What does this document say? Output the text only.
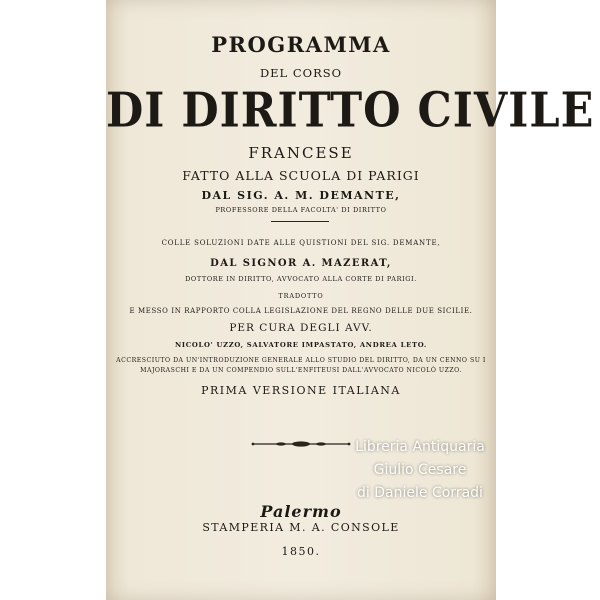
PROGRAMMA
DEL CORSO
DI DIRITTO CIVILE
FRANCESE
FATTO ALLA SCUOLA DI PARIGI
DAL SIG. A. M. DEMANTE,
PROFESSORE DELLA FACOLTA' DI DIRITTO
COLLE SOLUZIONI DATE ALLE QUISTIONI DEL SIG. DEMANTE,
DAL SIGNOR A. MAZERAT,
DOTTORE IN DIRITTO, AVVOCATO ALLA CORTE DI PARIGI.
TRADOTTO
E MESSO IN RAPPORTO COLLA LEGISLAZIONE DEL REGNO DELLE DUE SICILIE.
PER CURA DEGLI AVV.
NICOLO' UZZO, SALVATORE IMPASTATO, ANDREA LETO.
ACCRESCIUTO DA UN'INTRODUZIONE GENERALE ALLO STUDIO DEL DIRITTO, DA UN CENNO SU I
MAJORASCHI E DA UN COMPENDIO SULL'ENFITEUSI DALL'AVVOCATO NICOLÒ UZZO.
PRIMA VERSIONE ITALIANA
Palermo
STAMPERIA M. A. CONSOLE
1850.
Libreria Antiquaria
Giulio Cesare
di Daniele Corradi
